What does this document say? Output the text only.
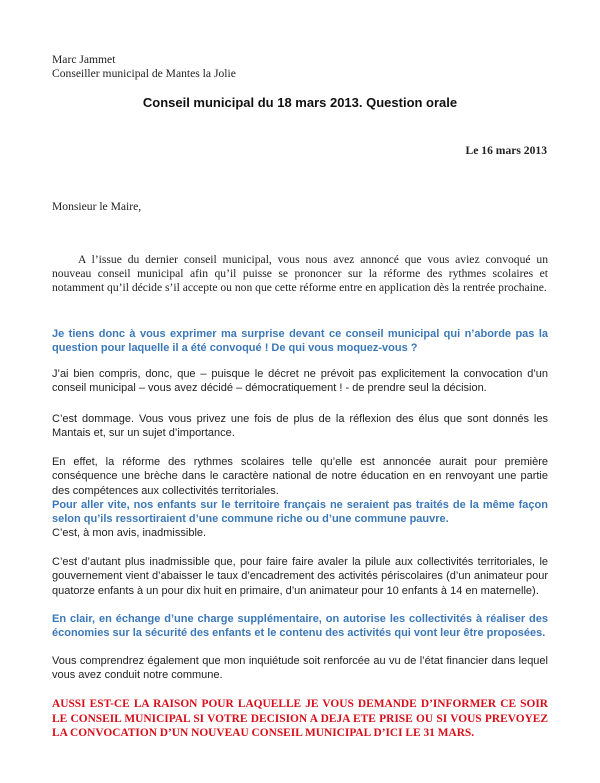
Marc Jammet
Conseiller municipal de Mantes la Jolie
Conseil municipal du 18 mars 2013. Question orale
Le 16 mars 2013
Monsieur le Maire,
A l’issue du dernier conseil municipal, vous nous avez annoncé que vous aviez convoqué un
nouveau conseil municipal afin qu’il puisse se prononcer sur la réforme des rythmes scolaires et notamment qu’il décide s’il accepte ou non que cette réforme entre en application dès la rentrée prochaine.
Je tiens donc à vous exprimer ma surprise devant ce conseil municipal qui n’aborde pas la question pour laquelle il a été convoqué ! De qui vous moquez-vous ?
J’ai bien compris, donc, que – puisque le décret ne prévoit pas explicitement la convocation d’un conseil municipal – vous avez décidé – démocratiquement ! - de prendre seul la décision.
C’est dommage. Vous vous privez une fois de plus de la réflexion des élus que sont donnés les Mantais et, sur un sujet d’importance.
En effet, la réforme des rythmes scolaires telle qu’elle est annoncée aurait pour première conséquence une brèche dans le caractère national de notre éducation en en renvoyant une partie des compétences aux collectivités territoriales.
Pour aller vite, nos enfants sur le territoire français ne seraient pas traités de la même façon selon qu’ils ressortiraient d’une commune riche ou d’une commune pauvre.
C’est, à mon avis, inadmissible.
C’est d’autant plus inadmissible que, pour faire faire avaler la pilule aux collectivités territoriales, le gouvernement vient d’abaisser le taux d’encadrement des activités périscolaires (d’un animateur pour quatorze enfants à un pour dix huit en primaire, d’un animateur pour 10 enfants à 14 en maternelle).
En clair, en échange d’une charge supplémentaire, on autorise les collectivités à réaliser des économies sur la sécurité des enfants et le contenu des activités qui vont leur être proposées.
Vous comprendrez également que mon inquiétude soit renforcée au vu de l’état financier dans lequel vous avez conduit notre commune.
AUSSI EST-CE LA RAISON POUR LAQUELLE JE VOUS DEMANDE D’INFORMER CE SOIR LE CONSEIL MUNICIPAL SI VOTRE DECISION A DEJA ETE PRISE OU SI VOUS PREVOYEZ LA CONVOCATION D’UN NOUVEAU CONSEIL MUNICIPAL D’ICI LE 31 MARS.
